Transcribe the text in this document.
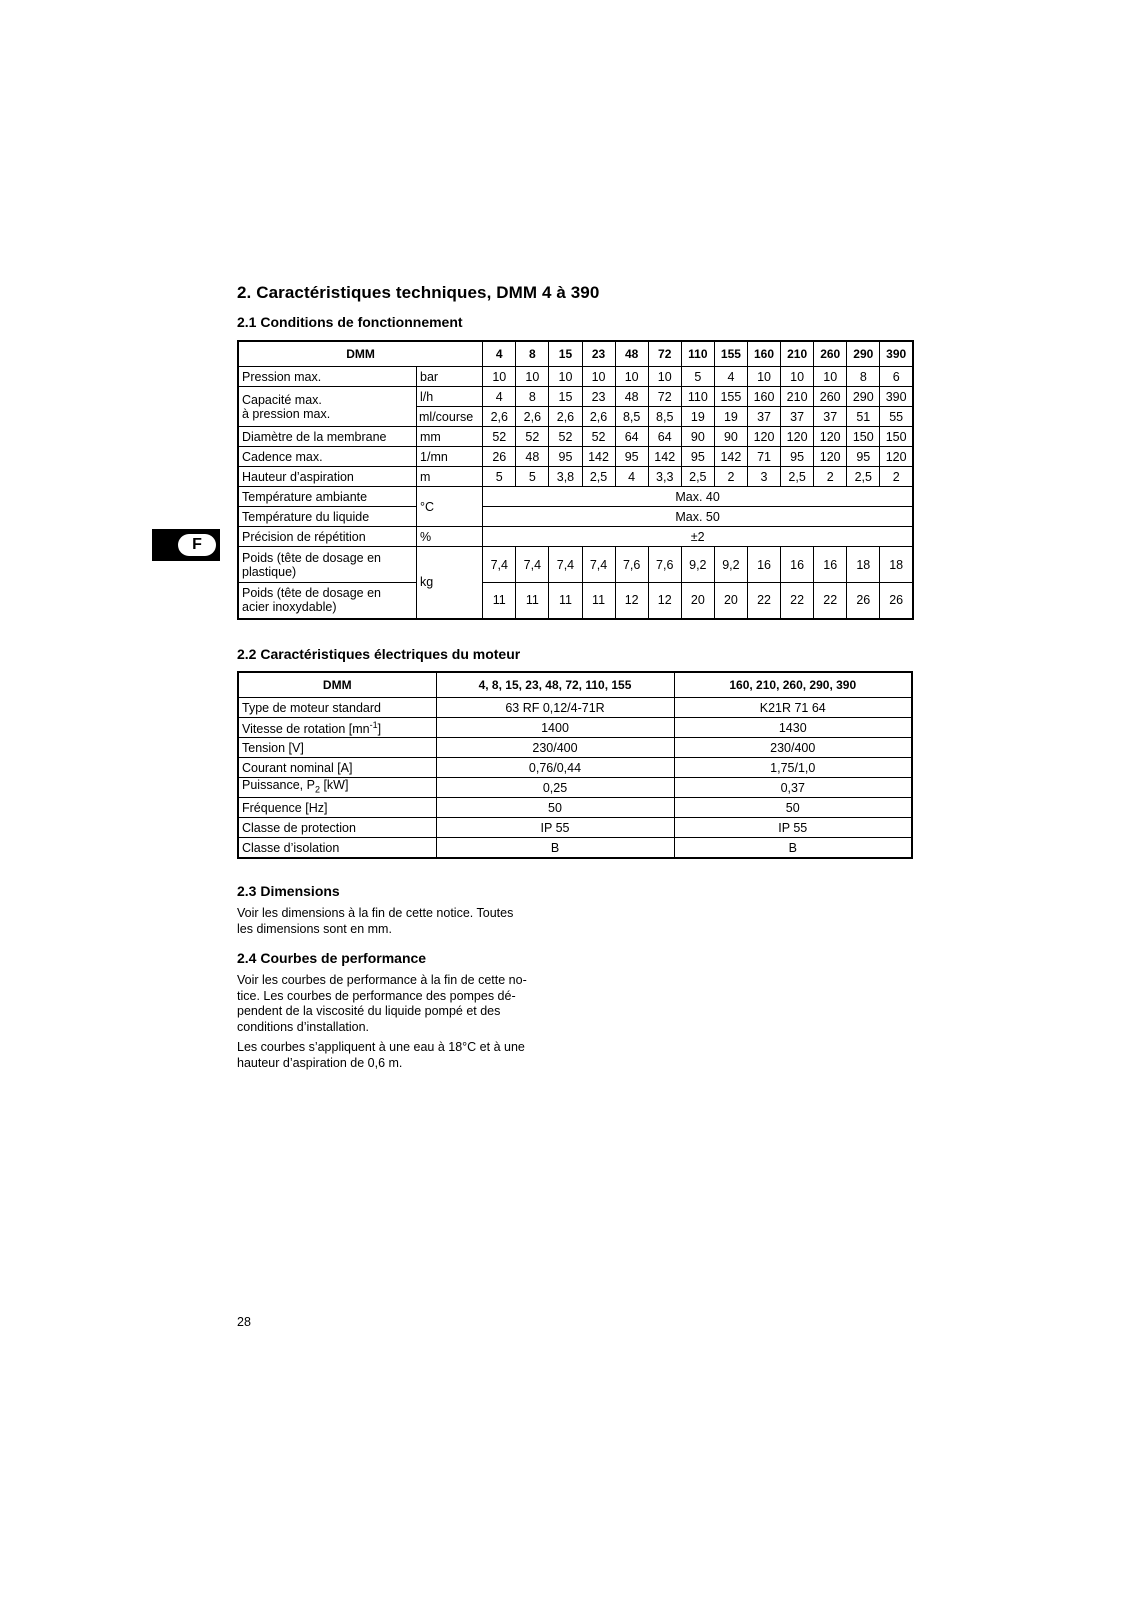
2. Caractéristiques techniques, DMM 4 à 390
2.1 Conditions de fonctionnement
F
DMM		4	8	15	23	48	72	110	155	160	210	260	290	390
Pression max.	bar	10	10	10	10	10	10	5	4	10	10	10	8	6
Capacité max.
à pression max.	l/h	4	8	15	23	48	72	110	155	160	210	260	290	390
	ml/course	2,6	2,6	2,6	2,6	8,5	8,5	19	19	37	37	37	51	55
Diamètre de la membrane	mm	52	52	52	52	64	64	90	90	120	120	120	150	150
Cadence max.	1/mn	26	48	95	142	95	142	95	142	71	95	120	95	120
Hauteur d’aspiration	m	5	5	3,8	2,5	4	3,3	2,5	2	3	2,5	2	2,5	2
Température ambiante	°C	Max. 40												
Température du liquide		Max. 50												
Précision de répétition	%	±2												
Poids (tête de dosage en
plastique)	kg	7,4	7,4	7,4	7,4	7,6	7,6	9,2	9,2	16	16	16	18	18
Poids (tête de dosage en
acier inoxydable)		11	11	11	11	12	12	20	20	22	22	22	26	26
2.2 Caractéristiques électriques du moteur
DMM	4, 8, 15, 23, 48, 72, 110, 155	160, 210, 260, 290, 390
Type de moteur standard	63 RF 0,12/4-71R	K21R 71 64
Vitesse de rotation $[mn^{-1}]$	1400	1430
Tension [V]	230/400	230/400
Courant nominal [A]	0,76/0,44	1,75/1,0
Puissance, $P_2$ [kW]	0,25	0,37
Fréquence [Hz]	50	50
Classe de protection	IP 55	IP 55
Classe d’isolation	B	B
2.3 Dimensions

Voir les dimensions à la fin de cette notice. Toutes
les dimensions sont en mm.

2.4 Courbes de performance

Voir les courbes de performance à la fin de cette no-
tice. Les courbes de performance des pompes dé-
pendent de la viscosité du liquide pompé et des
conditions d’installation.

Les courbes s’appliquent à une eau à 18°C et à une
hauteur d’aspiration de 0,6 m.

28
